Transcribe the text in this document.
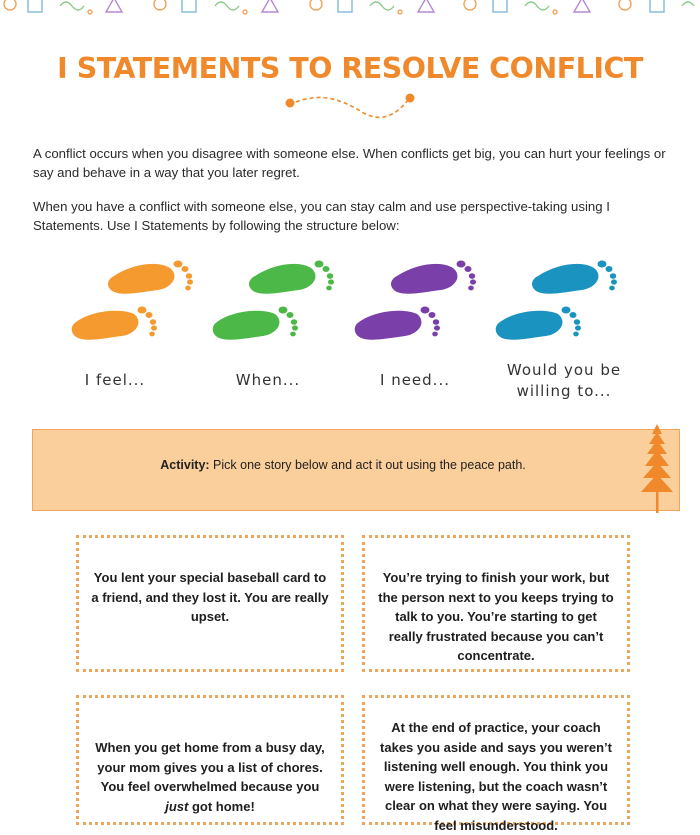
I STATEMENTS TO RESOLVE CONFLICT

A conflict occurs when you disagree with someone else. When conflicts get big, you can hurt your feelings or say and behave in a way that you later regret.

When you have a conflict with someone else, you can stay calm and use perspective-taking using I Statements. Use I Statements by following the structure below:

I feel...	When...	I need...
Would you be willing to...

Activity: Pick one story below and act it out using the peace path.

You lent your special baseball card to a friend, and they lost it. You are really upset.

You’re trying to finish your work, but the person next to you keeps trying to talk to you. You’re starting to get really frustrated because you can’t concentrate.

When you get home from a busy day, your mom gives you a list of chores. You feel overwhelmed because you just got home!

At the end of practice, your coach takes you aside and says you weren’t listening well enough. You think you were listening, but the coach wasn’t clear on what they were saying. You feel misunderstood.
